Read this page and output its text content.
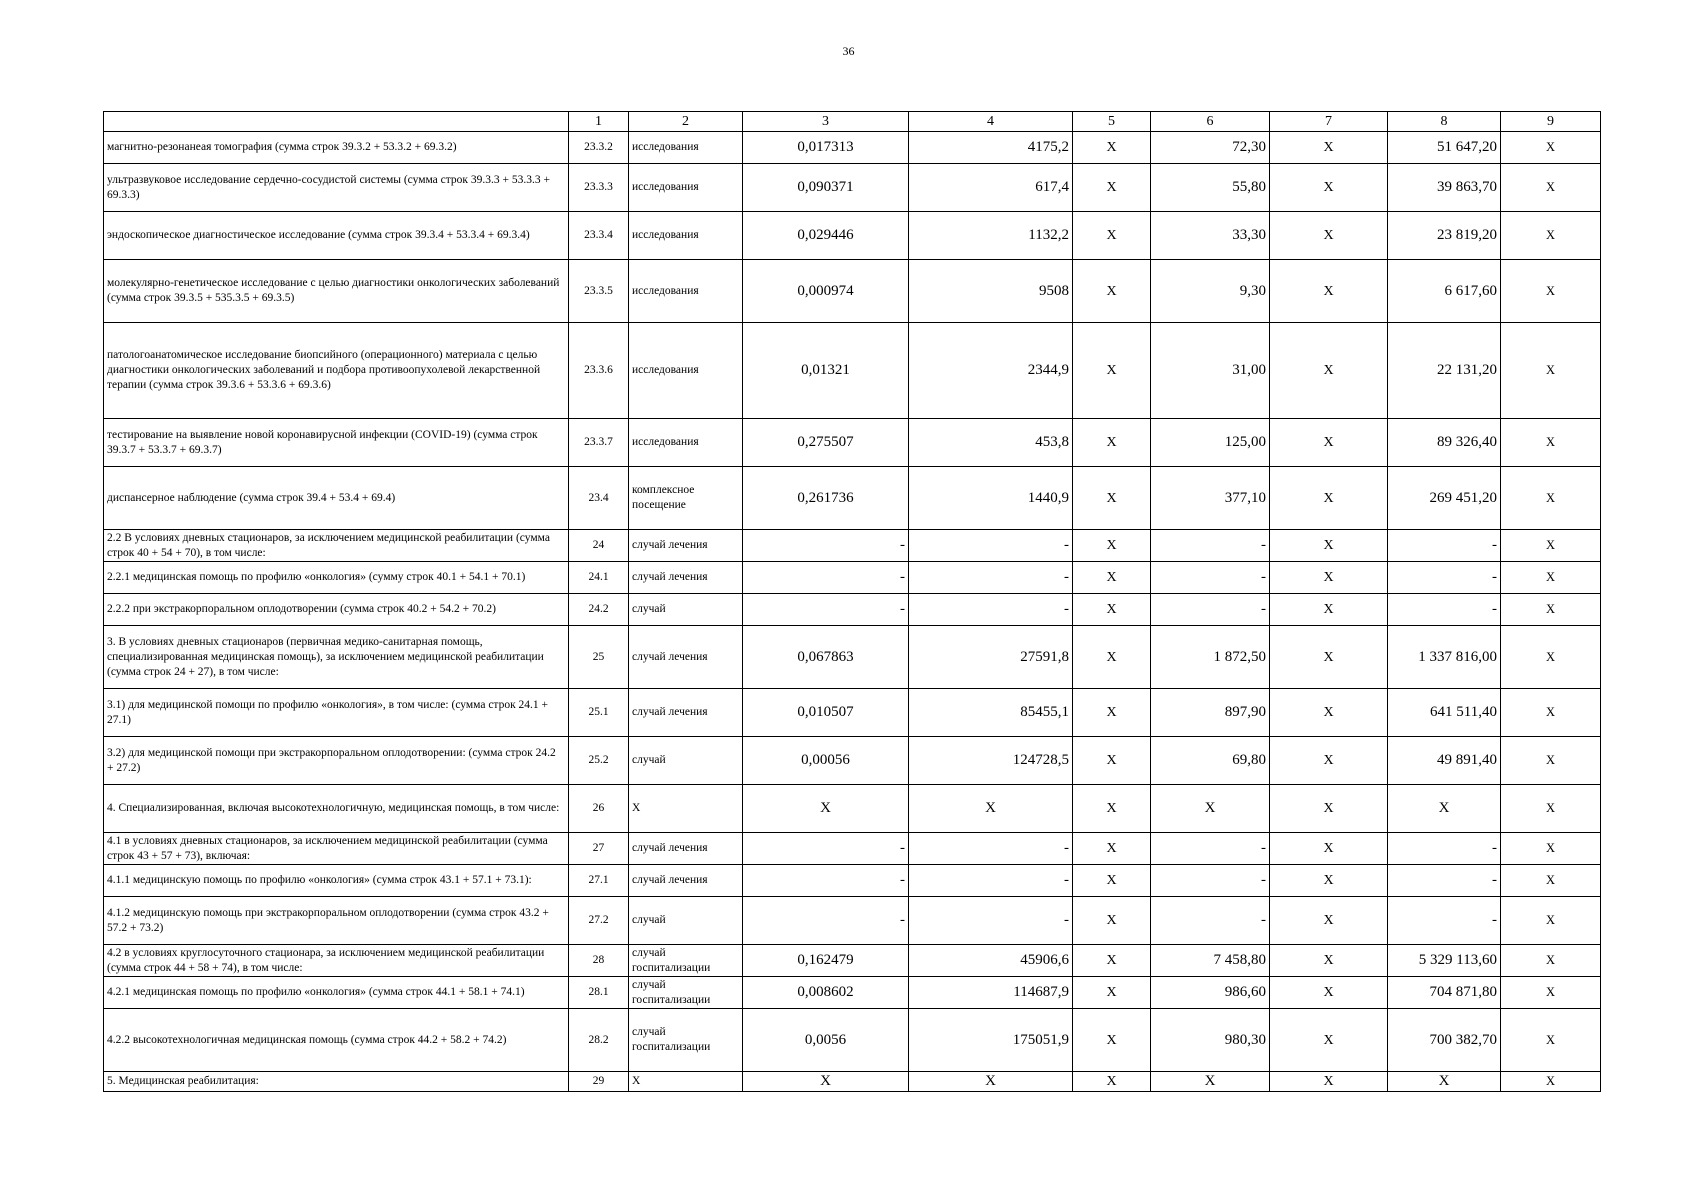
36
	1	2	3	4	5	6	7	8	9
магнитно-резонанеая томография (сумма строк 39.3.2 + 53.3.2 + 69.3.2)	23.3.2	исследования	0,017313	4175,2	X	72,30	X	51 647,20	X
ультразвуковое исследование сердечно-сосудистой системы (сумма строк 39.3.3 + 53.3.3 + 69.3.3)	23.3.3	исследования	0,090371	617,4	X	55,80	X	39 863,70	X
эндоскопическое диагностическое исследование (сумма строк 39.3.4 + 53.3.4 + 69.3.4)	23.3.4	исследования	0,029446	1132,2	X	33,30	X	23 819,20	X
молекулярно-генетическое исследование с целью диагностики онкологических заболеваний (сумма строк 39.3.5 + 535.3.5 + 69.3.5)	23.3.5	исследования	0,000974	9508	X	9,30	X	6 617,60	X
патологоанатомическое исследование биопсийного (операционного) материала с целью диагностики онкологических заболеваний и подбора противоопухолевой лекарственной терапии (сумма строк 39.3.6 + 53.3.6 + 69.3.6)	23.3.6	исследования	0,01321	2344,9	X	31,00	X	22 131,20	X
тестирование на выявление новой коронавирусной инфекции (COVID-19) (сумма строк 39.3.7 + 53.3.7 + 69.3.7)	23.3.7	исследования	0,275507	453,8	X	125,00	X	89 326,40	X
диспансерное наблюдение (сумма строк 39.4 + 53.4 + 69.4)	23.4	комплексное посещение	0,261736	1440,9	X	377,10	X	269 451,20	X
2.2 В условиях дневных стационаров, за исключением медицинской реабилитации (сумма строк 40 + 54 + 70), в том числе:	24	случай лечения	-	-	X	-	X	-	X
2.2.1 медицинская помощь по профилю «онкология» (сумму строк 40.1 + 54.1 + 70.1)	24.1	случай лечения	-	-	X	-	X	-	X
2.2.2 при экстракорпоральном оплодотворении (сумма строк 40.2 + 54.2 + 70.2)	24.2	случай	-	-	X	-	X	-	X
3. В условиях дневных стационаров (первичная медико-санитарная помощь, специализированная медицинская помощь), за исключением медицинской реабилитации (сумма строк 24 + 27), в том числе:	25	случай лечения	0,067863	27591,8	X	1 872,50	X	1 337 816,00	X
3.1) для медицинской помощи по профилю «онкология», в том числе: (сумма строк 24.1 + 27.1)	25.1	случай лечения	0,010507	85455,1	X	897,90	X	641 511,40	X
3.2) для медицинской помощи при экстракорпоральном оплодотворении: (сумма строк 24.2 + 27.2)	25.2	случай	0,00056	124728,5	X	69,80	X	49 891,40	X
4. Специализированная, включая высокотехнологичную, медицинская помощь, в том числе:	26	X	X	X	X	X	X	X	X
4.1 в условиях дневных стационаров, за исключением медицинской реабилитации (сумма строк 43 + 57 + 73), включая:	27	случай лечения	-	-	X	-	X	-	X
4.1.1 медицинскую помощь по профилю «онкология» (сумма строк 43.1 + 57.1 + 73.1):	27.1	случай лечения	-	-	X	-	X	-	X
4.1.2 медицинскую помощь при экстракорпоральном оплодотворении (сумма строк 43.2 + 57.2 + 73.2)	27.2	случай	-	-	X	-	X	-	X
4.2 в условиях круглосуточного стационара, за исключением медицинской реабилитации (сумма строк 44 + 58 + 74), в том числе:	28	случай госпитализации	0,162479	45906,6	X	7 458,80	X	5 329 113,60	X
4.2.1 медицинская помощь по профилю «онкология» (сумма строк 44.1 + 58.1 + 74.1)	28.1	случай госпитализации	0,008602	114687,9	X	986,60	X	704 871,80	X
4.2.2 высокотехнологичная медицинская помощь (сумма строк 44.2 + 58.2 + 74.2)	28.2	случай госпитализации	0,0056	175051,9	X	980,30	X	700 382,70	X
5. Медицинская реабилитация:	29	X	X	X	X	X	X	X	X
